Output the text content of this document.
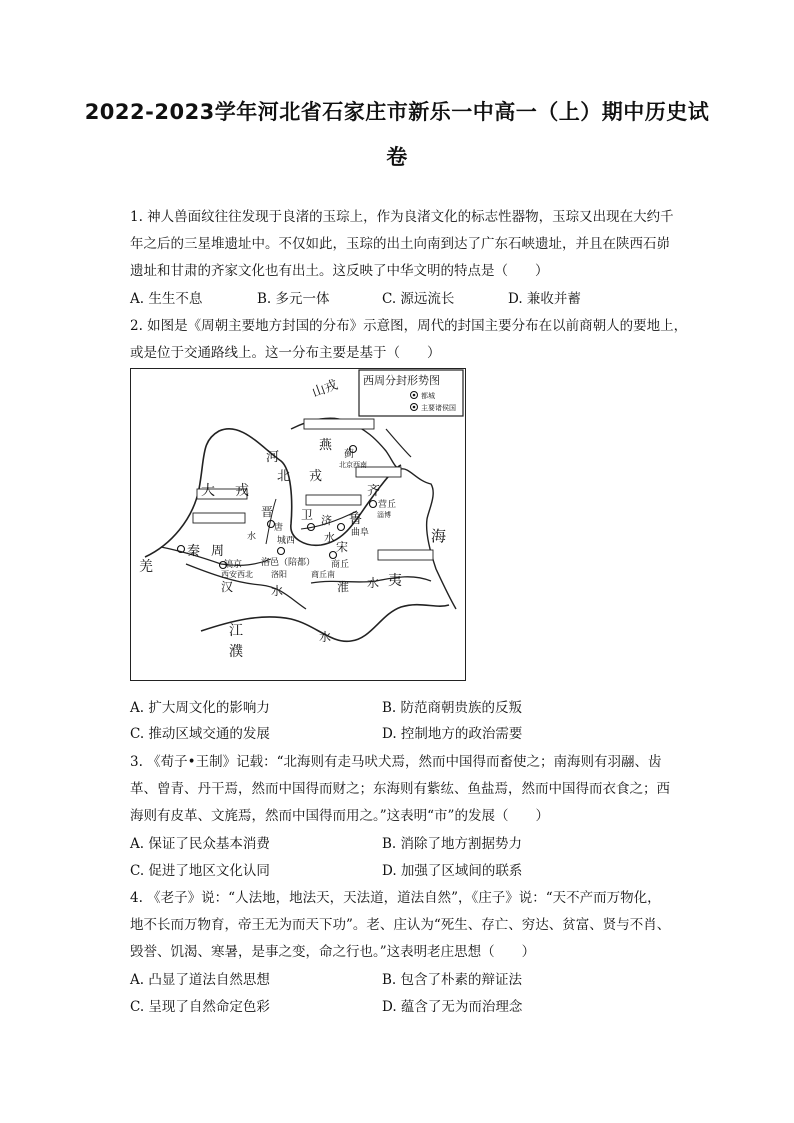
2022-2023学年河北省石家庄市新乐一中高一（上）期中历史试
卷
1. 神人兽面纹往往发现于良渚的玉琮上，作为良渚文化的标志性器物，玉琮又出现在大约千
年之后的三星堆遗址中。不仅如此，玉琮的出土向南到达了广东石峡遗址，并且在陕西石峁
遗址和甘肃的齐家文化也有出土。这反映了中华文明的特点是（　　）
A. 生生不息	B. 多元一体	C. 源远流长	D. 兼收并蓄
2. 如图是《周朝主要地方封国的分布》示意图，周代的封国主要分布在以前商朝人的要地上，
或是位于交通路线上。这一分布主要是基于（　　）
西周分封形势图
都城
主要诸侯国
山戎
燕
蓟
北京西南
河
北 戎
大 戎
晋
唐
卫
齐
营丘
淄博
鲁
曲阜
宋
商丘
商丘南
济
水
羌
秦 周
镐京
西安西北
洛邑（陪都）
洛阳
水 城西
汉	水	淮 水 夷
江
濮
水
海
A. 扩大周文化的影响力	B. 防范商朝贵族的反叛
C. 推动区域交通的发展	D. 控制地方的政治需要
3. 《荀子•王制》记载：“北海则有走马吠犬焉，然而中国得而畜使之；南海则有羽翮、齿
革、曾青、丹干焉，然而中国得而财之；东海则有紫纮、鱼盐焉，然而中国得而衣食之；西
海则有皮革、文旄焉，然而中国得而用之。”这表明“市”的发展（　　）
A. 保证了民众基本消费	B. 消除了地方割据势力
C. 促进了地区文化认同	D. 加强了区域间的联系
4. 《老子》说：“人法地，地法天，天法道，道法自然”，《庄子》说：“天不产而万物化，
地不长而万物育，帝王无为而天下功”。老、庄认为“死生、存亡、穷达、贫富、贤与不肖、
毁誉、饥渴、寒暑，是事之变，命之行也。”这表明老庄思想（　　）
A. 凸显了道法自然思想	B. 包含了朴素的辩证法
C. 呈现了自然命定色彩	D. 蕴含了无为而治理念
